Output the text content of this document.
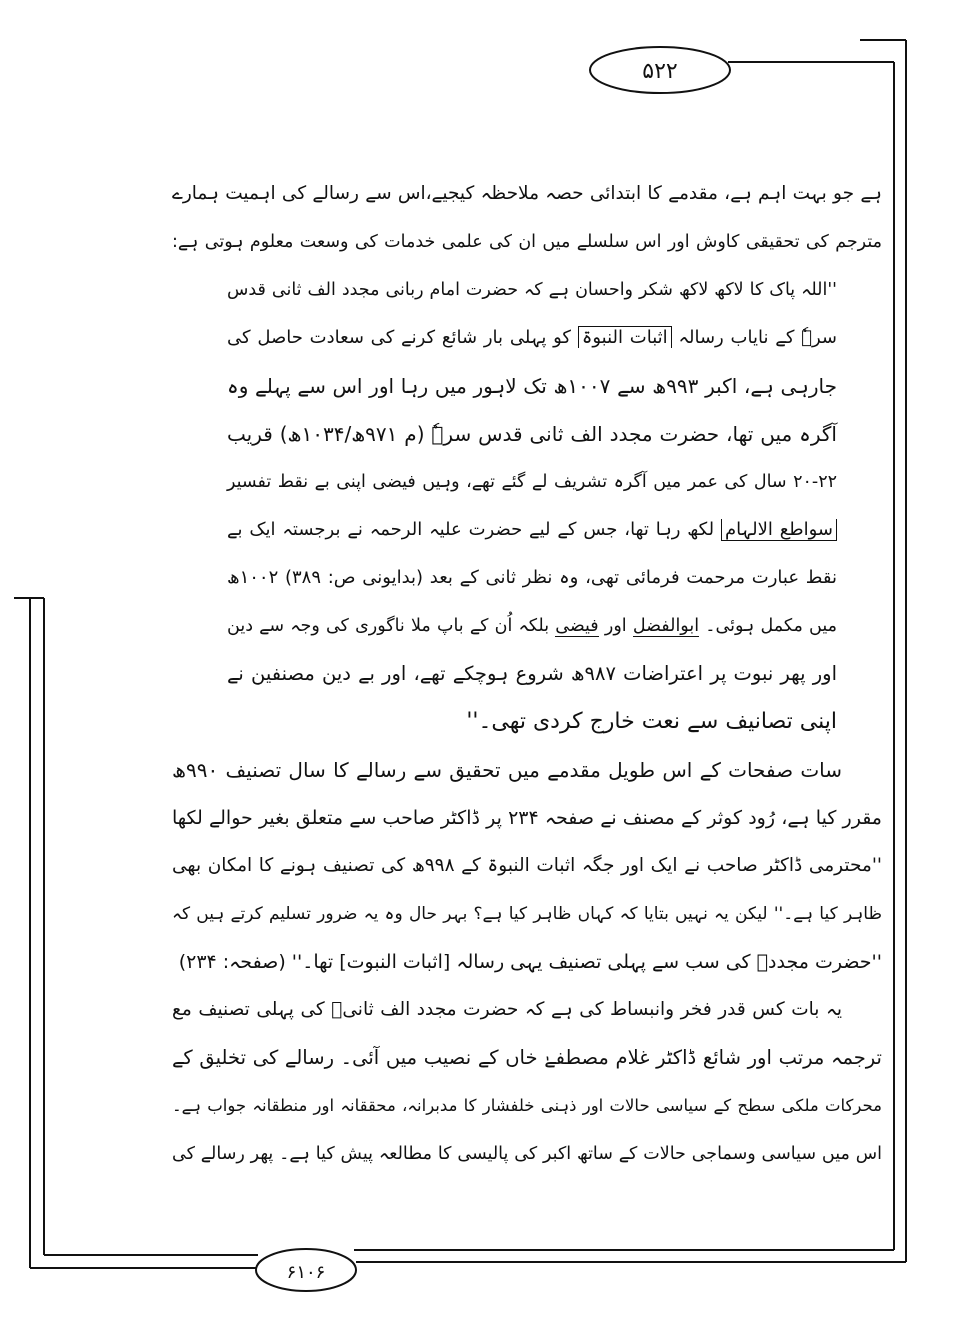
۵۲۲
۶۱۰۶
ہے جو بہت اہم ہے، مقدمے کا ابتدائی حصہ ملاحظہ کیجیے،اس سے رسالے کی اہمیت ہمارے
مترجم کی تحقیقی کاوش اور اس سلسلے میں ان کی علمی خدمات کی وسعت معلوم ہوتی ہے:
''اللہ پاک کا لاکھ لاکھ شکر واحسان ہے کہ حضرت امام ربانی مجدد الف ثانی قدس
سرہٗ کے نایاب رسالہ اثبات النبوۃ کو پہلی بار شائع کرنے کی سعادت حاصل کی
جارہی ہے، اکبر ۹۹۳ھ سے ۱۰۰۷ھ تک لاہور میں رہا اور اس سے پہلے وہ
آگرہ میں تھا، حضرت مجدد الف ثانی قدس سرہٗ (م ۹۷۱ھ/۱۰۳۴ھ) قریب
۲۰-۲۲ سال کی عمر میں آگرہ تشریف لے گئے تھے، وہیں فیضی اپنی بے نقط تفسیر
سواطع الالہام لکھ رہا تھا، جس کے لیے حضرت علیہ الرحمہ نے برجستہ ایک بے
نقط عبارت مرحمت فرمائی تھی، وہ نظر ثانی کے بعد (بدایونی ص: ۳۸۹) ۱۰۰۲ھ
میں مکمل ہوئی۔ ابوالفضل اور فیضی بلکہ اُن کے باپ ملا ناگوری کی وجہ سے دین
اور پھر نبوت پر اعتراضات ۹۸۷ھ شروع ہوچکے تھے، اور بے دین مصنفین نے
اپنی تصانیف سے نعت خارج کردی تھی۔''
سات صفحات کے اس طویل مقدمے میں تحقیق سے رسالے کا سال تصنیف ۹۹۰ھ
مقرر کیا ہے، رُود کوثر کے مصنف نے صفحہ ۲۳۴ پر ڈاکٹر صاحب سے متعلق بغیر حوالے لکھا
''محترمی ڈاکٹر صاحب نے ایک اور جگہ اثبات النبوۃ کے ۹۹۸ھ کی تصنیف ہونے کا امکان بھی
ظاہر کیا ہے۔'' لیکن یہ نہیں بتایا کہ کہاں ظاہر کیا ہے؟ بہر حال وہ یہ ضرور تسلیم کرتے ہیں کہ
''حضرت مجددؒ کی سب سے پہلی تصنیف یہی رسالہ [اثبات النبوت] تھا۔'' (صفحہ: ۲۳۴)
یہ بات کس قدر فخر وانبساط کی ہے کہ حضرت مجدد الف ثانیؒ کی پہلی تصنیف مع
ترجمہ مرتب اور شائع ڈاکٹر غلام مصطفےٰ خاں کے نصیب میں آئی۔ رسالے کی تخلیق کے
محرکات ملکی سطح کے سیاسی حالات اور ذہنی خلفشار کا مدبرانہ، محققانہ اور منطقانہ جواب ہے۔
اس میں سیاسی وسماجی حالات کے ساتھ اکبر کی پالیسی کا مطالعہ پیش کیا ہے۔ پھر رسالے کی
